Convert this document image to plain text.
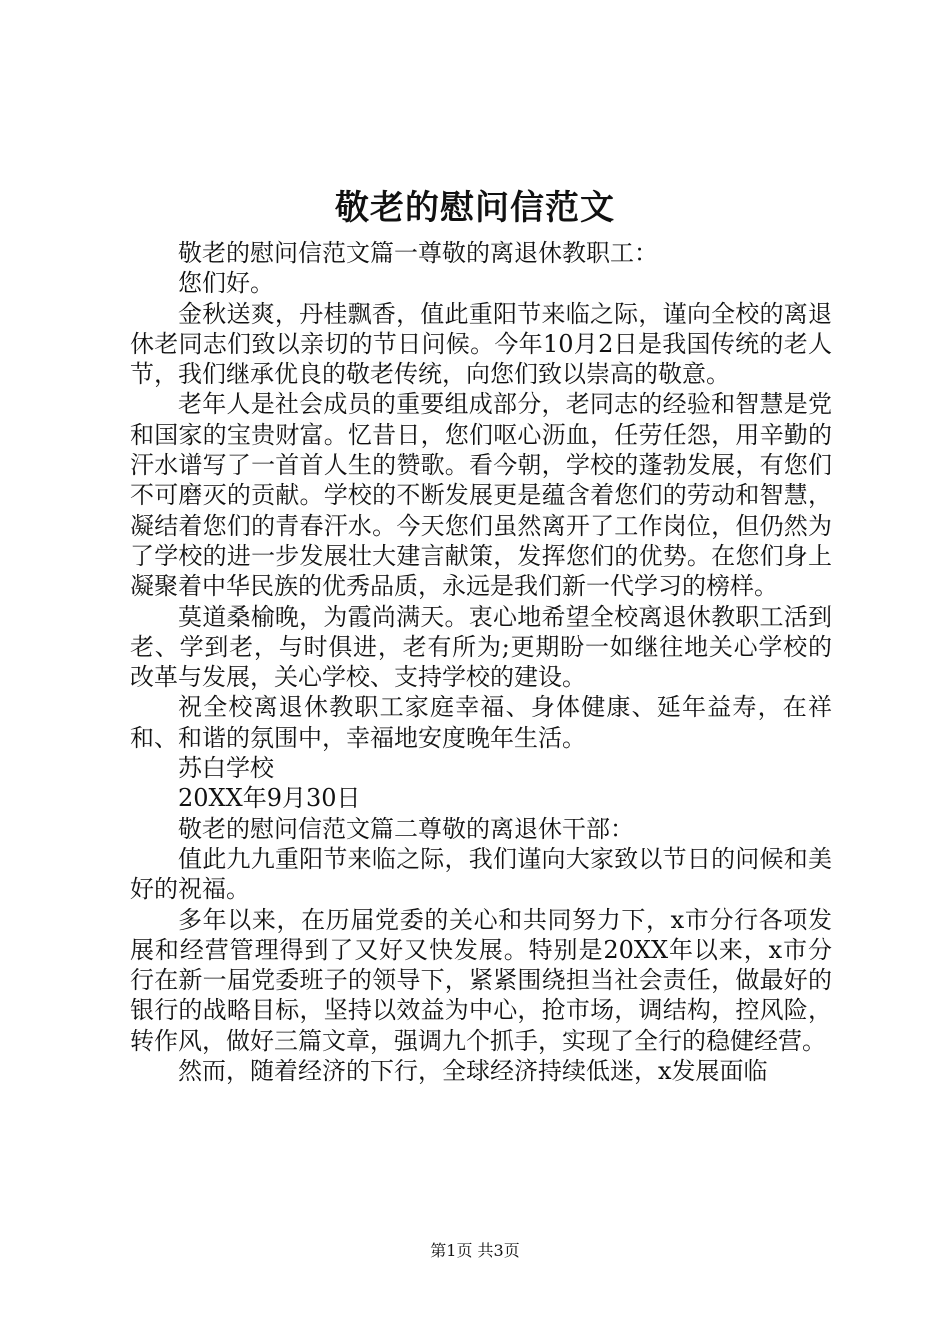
敬老的慰问信范文

敬老的慰问信范文篇一尊敬的离退休教职工：

您们好。

金秋送爽，丹桂飘香，值此重阳节来临之际，谨向全校的离退休老同志们致以亲切的节日问候。今年10月2日是我国传统的老人节，我们继承优良的敬老传统，向您们致以崇高的敬意。

老年人是社会成员的重要组成部分，老同志的经验和智慧是党和国家的宝贵财富。忆昔日，您们呕心沥血，任劳任怨，用辛勤的汗水谱写了一首首人生的赞歌。看今朝，学校的蓬勃发展，有您们不可磨灭的贡献。学校的不断发展更是蕴含着您们的劳动和智慧，凝结着您们的青春汗水。今天您们虽然离开了工作岗位，但仍然为了学校的进一步发展壮大建言献策，发挥您们的优势。在您们身上凝聚着中华民族的优秀品质，永远是我们新一代学习的榜样。

莫道桑榆晚，为霞尚满天。衷心地希望全校离退休教职工活到老、学到老，与时俱进，老有所为;更期盼一如继往地关心学校的改革与发展，关心学校、支持学校的建设。

祝全校离退休教职工家庭幸福、身体健康、延年益寿，在祥和、和谐的氛围中，幸福地安度晚年生活。

苏白学校

20XX年9月30日

敬老的慰问信范文篇二尊敬的离退休干部：

值此九九重阳节来临之际，我们谨向大家致以节日的问候和美好的祝福。

多年以来，在历届党委的关心和共同努力下，x市分行各项发展和经营管理得到了又好又快发展。特别是20XX年以来，x市分行在新一届党委班子的领导下，紧紧围绕担当社会责任，做最好的银行的战略目标，坚持以效益为中心，抢市场，调结构，控风险，转作风，做好三篇文章，强调九个抓手，实现了全行的稳健经营。

然而，随着经济的下行，全球经济持续低迷，x发展面临

第1页 共3页
